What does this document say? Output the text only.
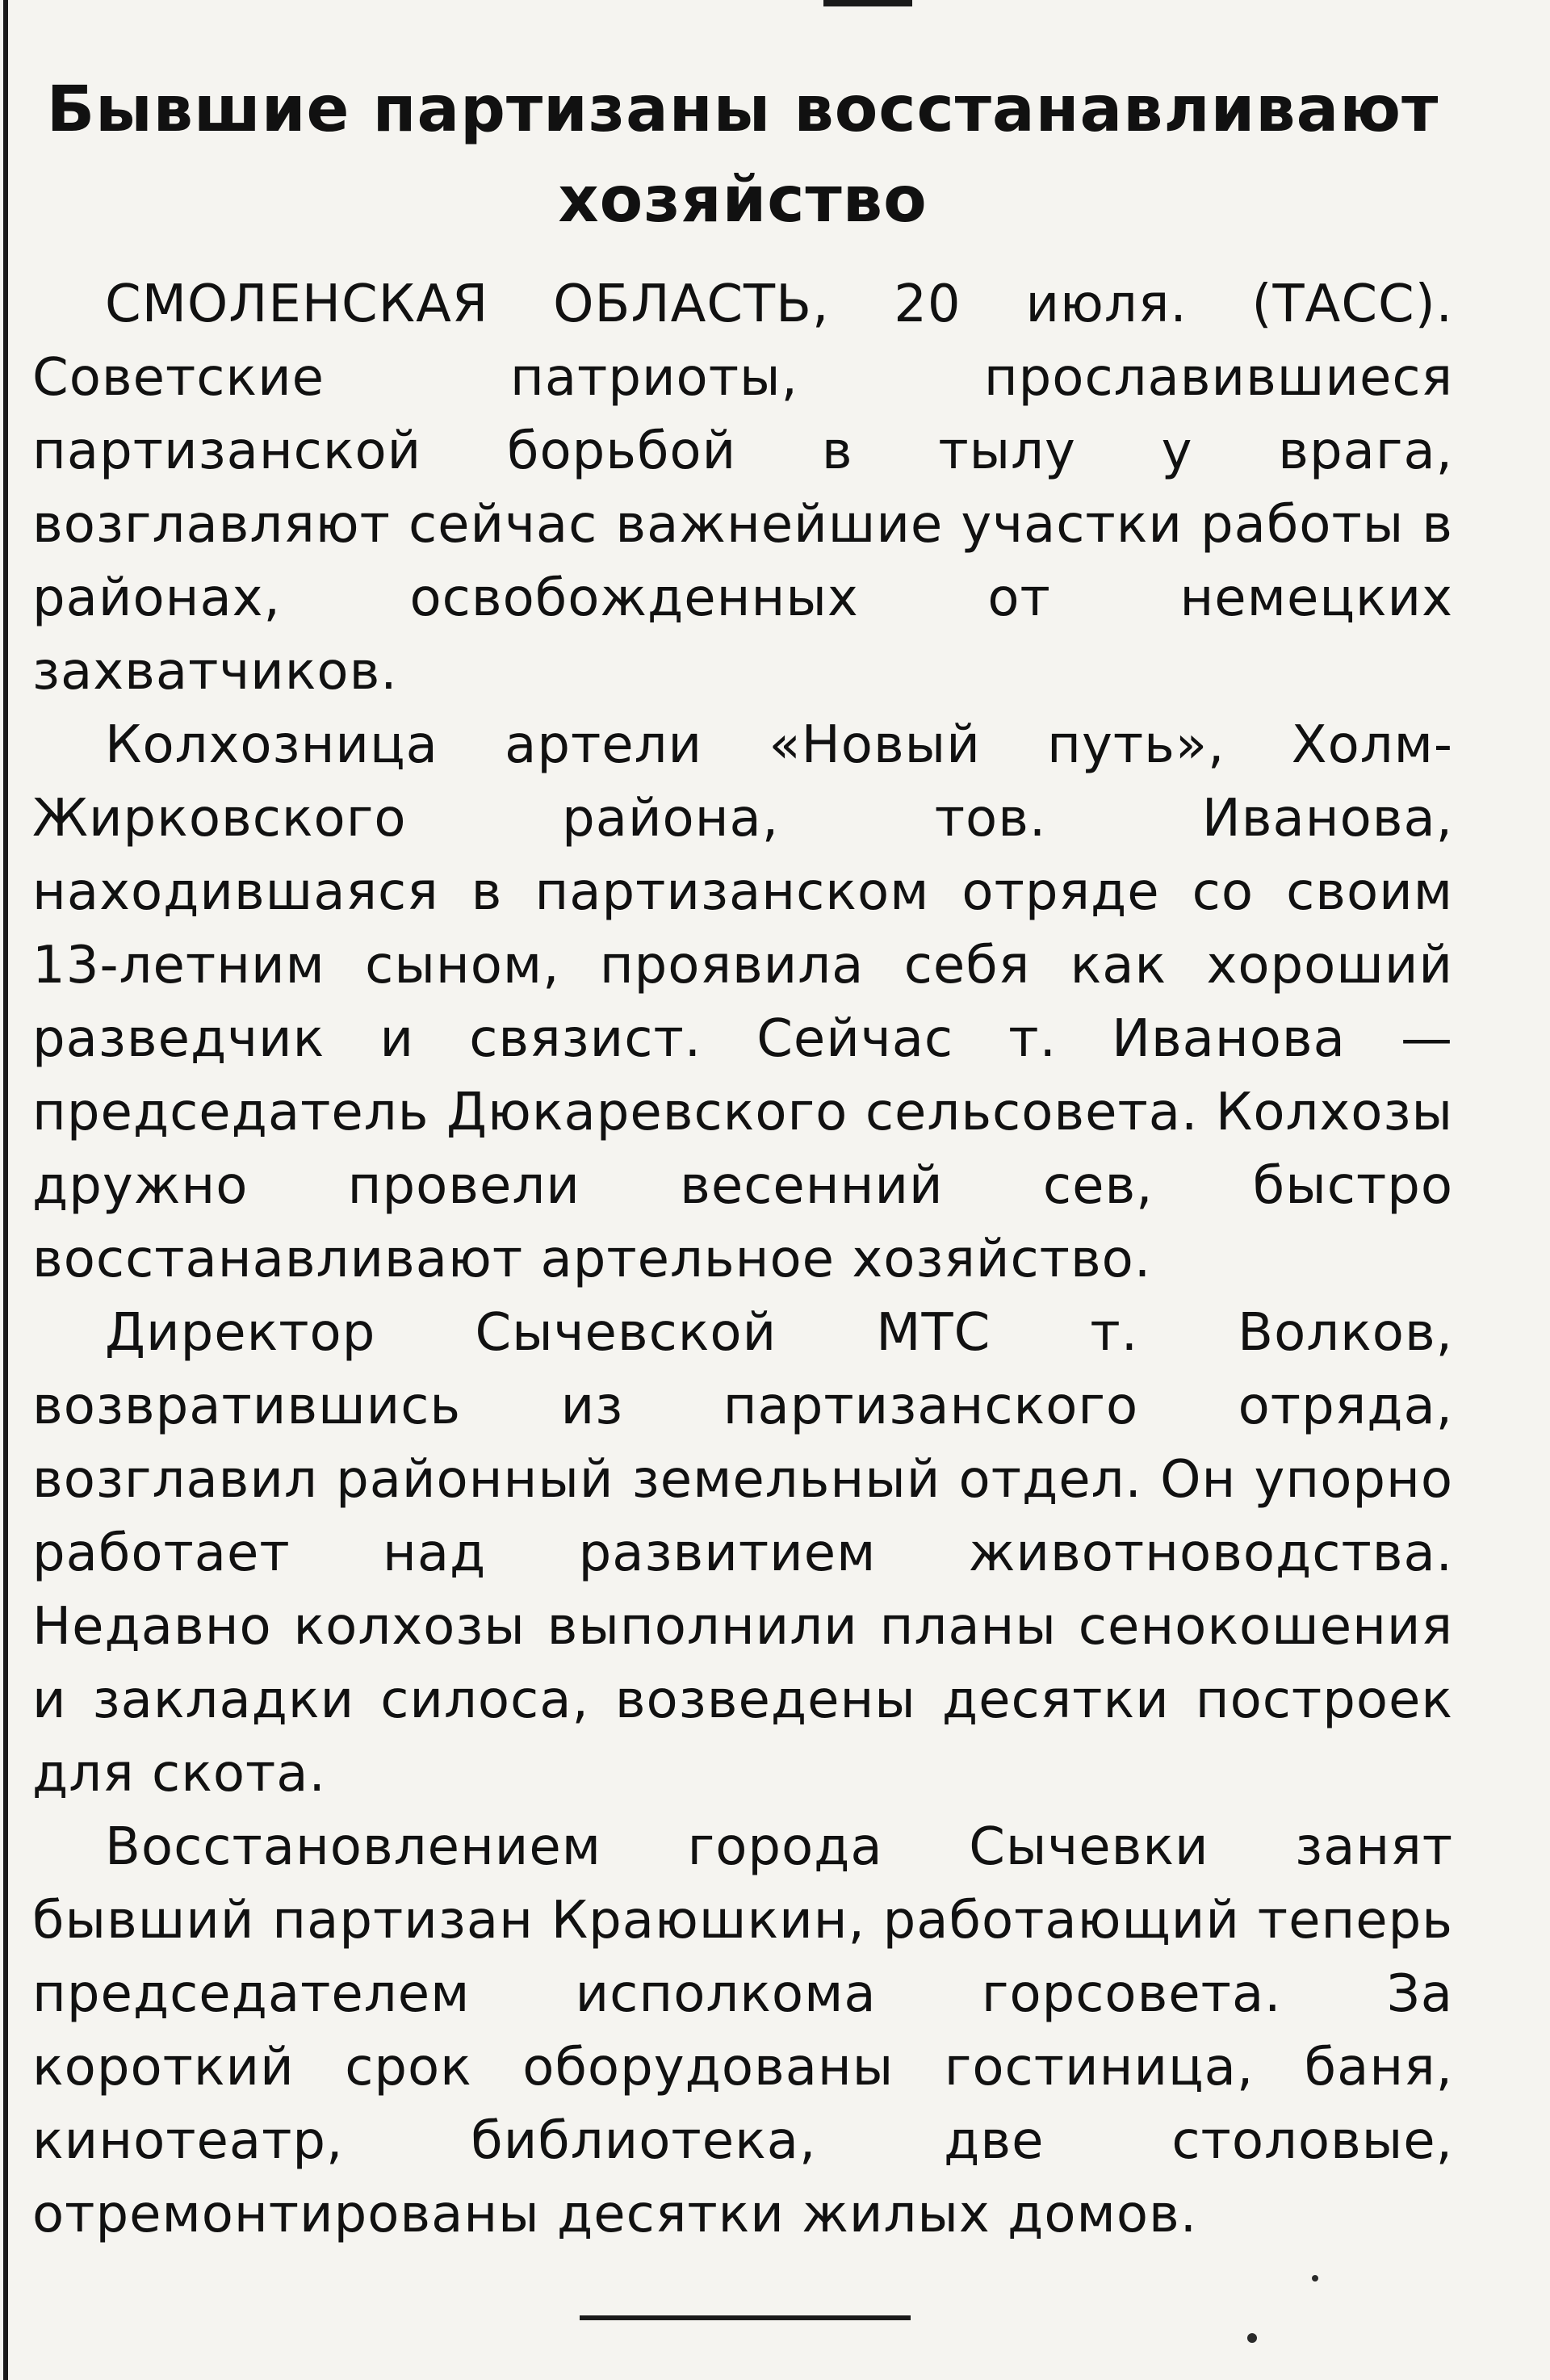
Бывшие партизаны восстанавливают хозяйство

СМОЛЕНСКАЯ ОБЛАСТЬ, 20 июля. (ТАСС). Советские патриоты, прославившиеся партизанской борьбой в тылу у врага, возглавляют сейчас важнейшие участки работы в районах, освобожденных от немецких захватчиков.

Колхозница артели «Новый путь», Холм-Жирковского района, тов. Иванова, находившаяся в партизанском отряде со своим 13-летним сыном, проявила себя как хороший разведчик и связист. Сейчас т. Иванова — председатель Дюкаревского сельсовета. Колхозы дружно провели весенний сев, быстро восстанавливают артельное хозяйство.

Директор Сычевской МТС т. Волков, возвратившись из партизанского отряда, возглавил районный земельный отдел. Он упорно работает над развитием животноводства. Недавно колхозы выполнили планы сенокошения и закладки силоса, возведены десятки построек для скота.

Восстановлением города Сычевки занят бывший партизан Краюшкин, работающий теперь председателем исполкома горсовета. За короткий срок оборудованы гостиница, баня, кинотеатр, библиотека, две столовые, отремонтированы десятки жилых домов.
